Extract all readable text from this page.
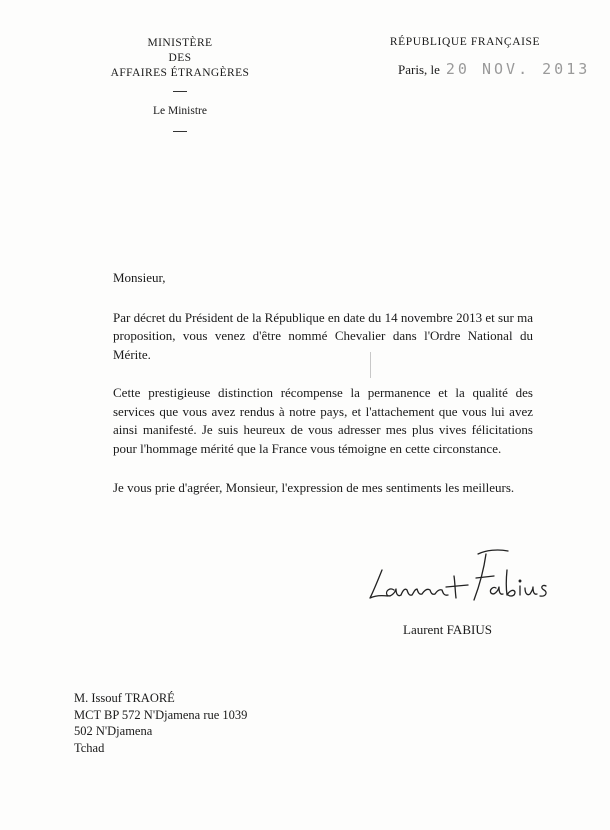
MINISTÈRE
DES
AFFAIRES ÉTRANGÈRES
Le Ministre
RÉPUBLIQUE FRANÇAISE
Paris, le 20 NOV. 2013

Monsieur,

Par décret du Président de la République en date du 14 novembre 2013 et sur ma proposition, vous venez d'être nommé Chevalier dans l'Ordre National du Mérite.

Cette prestigieuse distinction récompense la permanence et la qualité des services que vous avez rendus à notre pays, et l'attachement que vous lui avez ainsi manifesté. Je suis heureux de vous adresser mes plus vives félicitations pour l'hommage mérité que la France vous témoigne en cette circonstance.

Je vous prie d'agréer, Monsieur, l'expression de mes sentiments les meilleurs.

Laurent FABIUS
M. Issouf TRAORÉ
MCT BP 572 N'Djamena rue 1039
502 N'Djamena
Tchad
